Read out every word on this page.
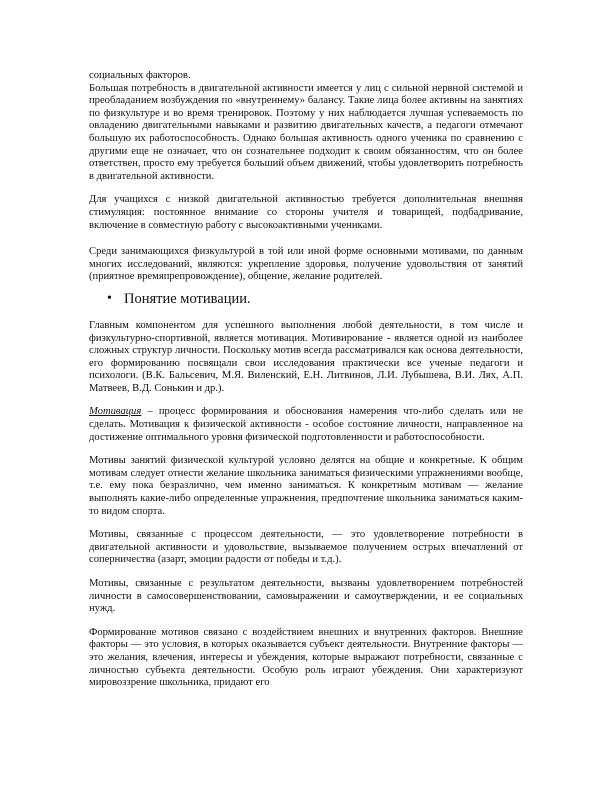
социальных факторов.

Большая потребность в двигательной активности имеется у лиц с сильной нервной системой и преобладанием возбуждения по «внутреннему» балансу. Такие лица более активны на занятиях по физкультуре и во время тренировок. Поэтому у них наблюдается лучшая успеваемость по овладению двигательными навыками и развитию двигательных качеств, а педагоги отмечают большую их работоспособность. Однако большая активность одного ученика по сравнению с другими еще не означает, что он сознательнее подходит к своим обязанностям, что он более ответствен, просто ему требуется больший объем движений, чтобы удовлетворить потребность в двигательной активности.

Для учащихся с низкой двигательной активностью требуется дополнительная внешняя стимуляция: постоянное внимание со стороны учителя и товарищей, подбадривание, включение в совместную работу с высокоактивными учениками.

Среди занимающихся физкультурой в той или иной форме основными мотивами, по данным многих исследований, являются: укрепление здоровья, получение удовольствия от занятий (приятное времяпрепровождение), общение, желание родителей.

• Понятие мотивации.

Главным компонентом для успешного выполнения любой деятельности, в том числе и физкультурно-спортивной, является мотивация. Мотивирование - является одной из наиболее сложных структур личности. Поскольку мотив всегда рассматривался как основа деятельности, его формированию посвящали свои исследования практически все ученые педагоги и психологи. (В.К. Бальсевич, М.Я. Виленский, Е.Н. Литвинов, Л.И. Лубышева, В.И. Лях, А.П. Матвеев, В.Д. Сонькин и др.).

Мотивация – процесс формирования и обоснования намерения что-либо сделать или не сделать. Мотивация к физической активности - особое состояние личности, направленное на достижение оптимального уровня физической подготовленности и работоспособности.

Мотивы занятий физической культурой условно делятся на общие и конкретные. К общим мотивам следует отнести желание школьника заниматься физическими упражнениями вообще, т.е. ему пока безразлично, чем именно заниматься. К конкретным мотивам — желание выполнять какие-либо определенные упражнения, предпочтение школьника заниматься каким-то видом спорта.

Мотивы, связанные с процессом деятельности, — это удовлетворение потребности в двигательной активности и удовольствие, вызываемое получением острых впечатлений от соперничества (азарт, эмоции радости от победы и т.д.).

Мотивы, связанные с результатом деятельности, вызваны удовлетворением потребностей личности в самосовершенствовании, самовыражении и самоутверждении, и ее социальных нужд.

Формирование мотивов связано с воздействием внешних и внутренних факторов. Внешние факторы — это условия, в которых оказывается субъект деятельности. Внутренние факторы — это желания, влечения, интересы и убеждения, которые выражают потребности, связанные с личностью субъекта деятельности. Особую роль играют убеждения. Они характеризуют мировоззрение школьника, придают его
